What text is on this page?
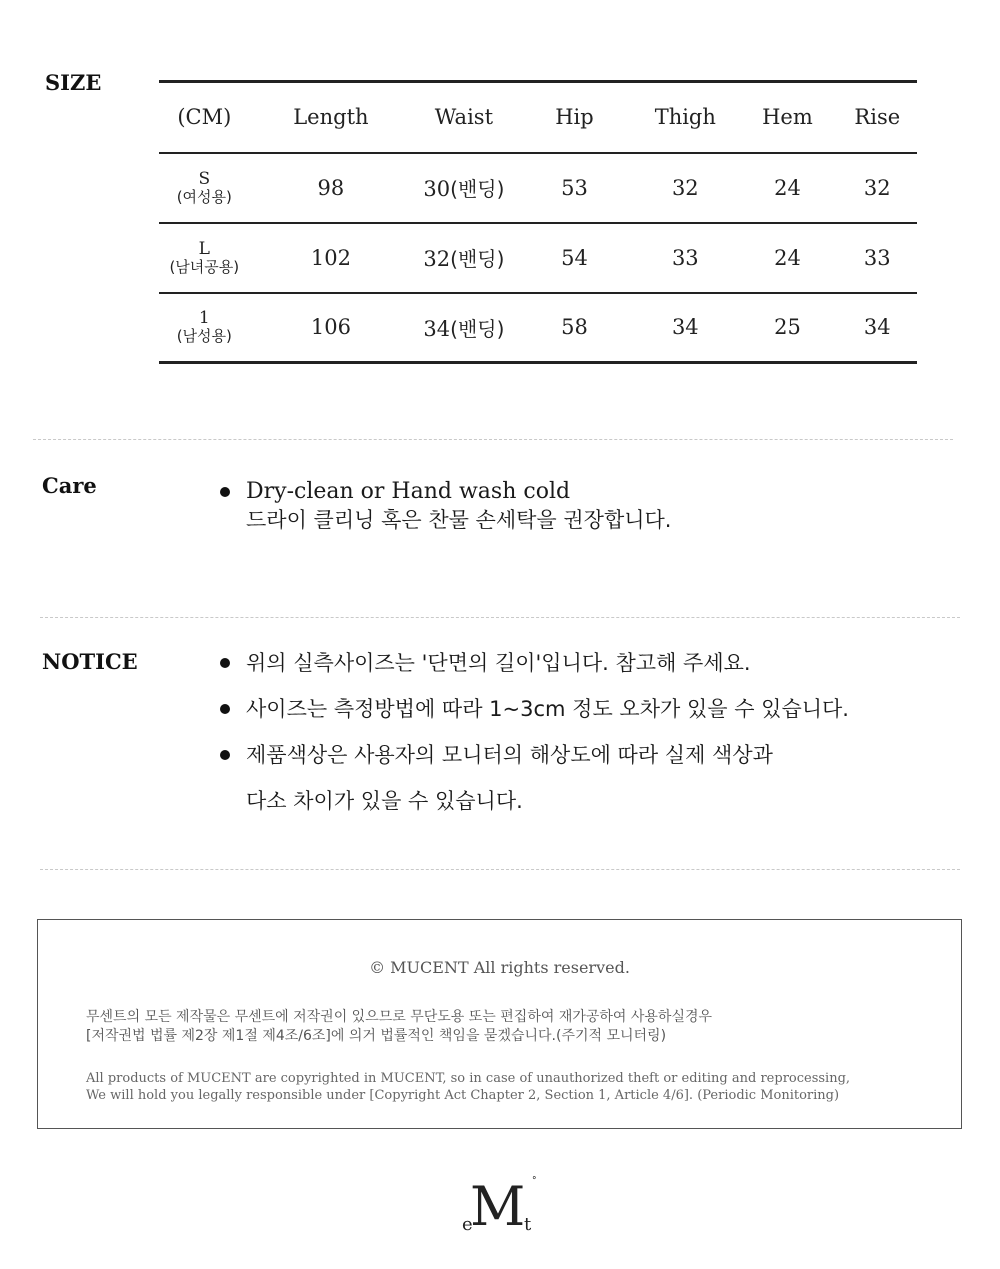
SIZE
(CM)	Length	Waist	Hip	Thigh	Hem	Rise

S
(여성용)	98	30(밴딩)	53	32	24	32

L
(남녀공용)	102	32(밴딩)	54	33	24	33

1
(남성용)	106	34(밴딩)	58	34	25	34
Care	Dry-clean or Hand wash cold
드라이 클리닝 혹은 찬물 손세탁을 권장합니다.
NOTICE	위의 실측사이즈는 '단면의 길이'입니다. 참고해 주세요.
사이즈는 측정방법에 따라 1~3cm 정도 오차가 있을 수 있습니다.
제품색상은 사용자의 모니터의 해상도에 따라 실제 색상과
다소 차이가 있을 수 있습니다.
© MUCENT All rights reserved.
무센트의 모든 제작물은 무센트에 저작권이 있으므로 무단도용 또는 편집하여 재가공하여 사용하실경우
[저작권법 법률 제2장 제1절 제4조/6조]에 의거 법률적인 책임을 묻겠습니다.(주기적 모니터링)
All products of MUCENT are copyrighted in MUCENT, so in case of unauthorized theft or editing and reprocessing,
We will hold you legally responsible under [Copyright Act Chapter 2, Section 1, Article 4/6]. (Periodic Monitoring)
M
e	t
°
